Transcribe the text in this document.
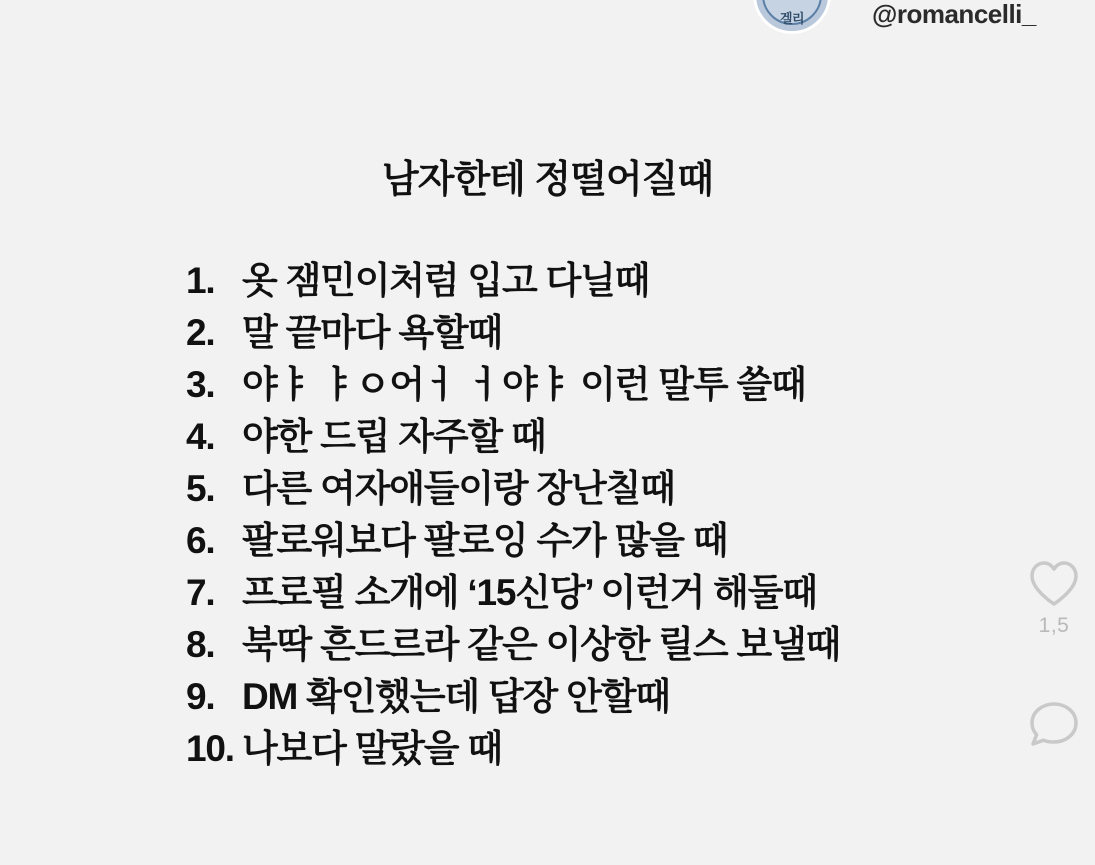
겔리	@romancelli_
1,5
남자한테 정떨어질때
1. 옷 잼민이처럼 입고 다닐때
2. 말 끝마다 욕할때
3. 야ㅑ ㅑㅇ어ㅓ ㅓ야ㅑ 이런 말투 쓸때
4. 야한 드립 자주할 때
5. 다른 여자애들이랑 장난칠때
6. 팔로워보다 팔로잉 수가 많을 때
7. 프로필 소개에 ‘15신당’ 이런거 해둘때
8. 북딱 흔드르라 같은 이상한 릴스 보낼때
9. DM 확인했는데 답장 안할때
10. 나보다 말랐을 때
